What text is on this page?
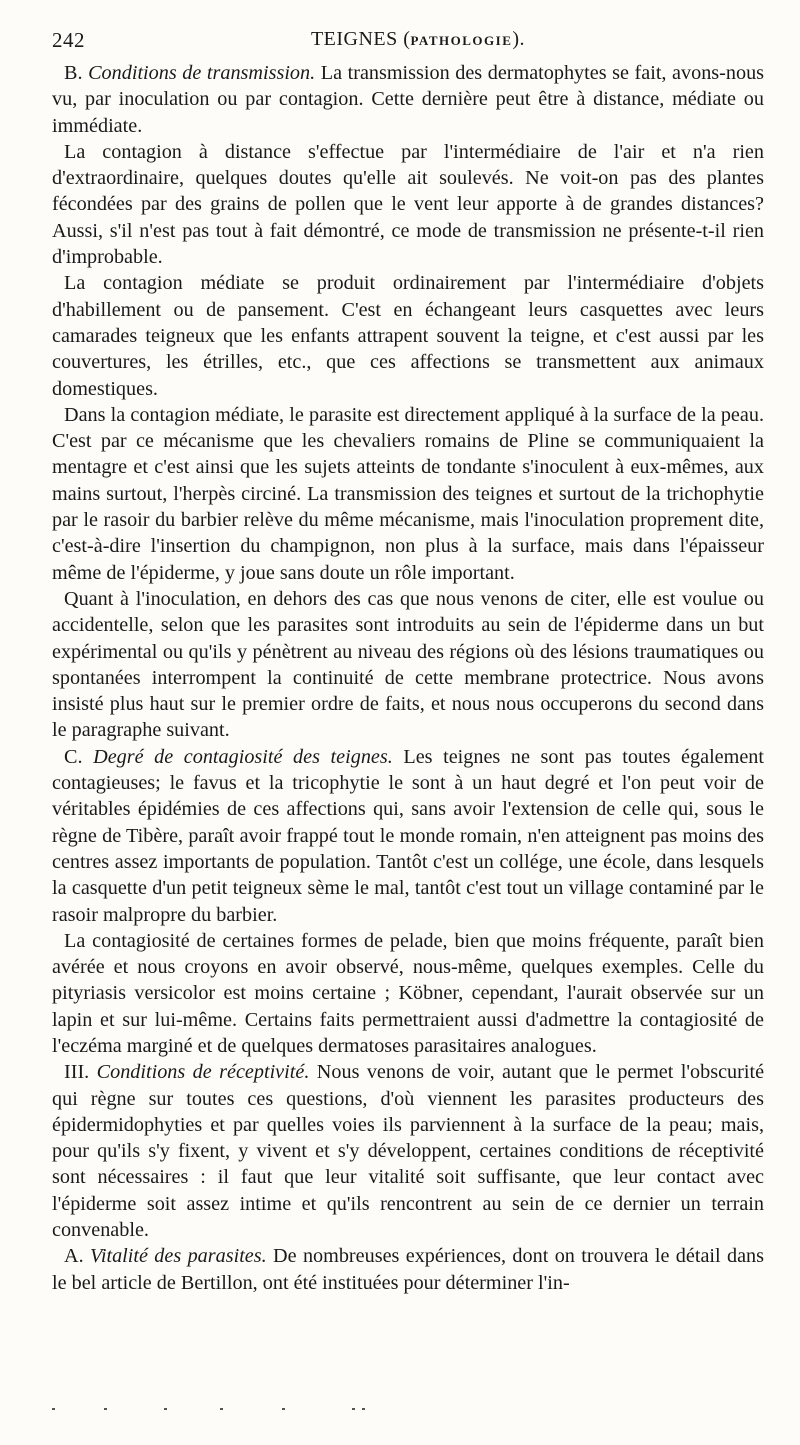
242	TEIGNES (PATHOLOGIE).

B. Conditions de transmission. La transmission des dermatophytes se fait, avons-nous vu, par inoculation ou par contagion. Cette dernière peut être à distance, médiate ou immédiate.

La contagion à distance s'effectue par l'intermédiaire de l'air et n'a rien d'extraordinaire, quelques doutes qu'elle ait soulevés. Ne voit-on pas des plantes fécondées par des grains de pollen que le vent leur apporte à de grandes distances? Aussi, s'il n'est pas tout à fait démontré, ce mode de transmission ne présente-t-il rien d'improbable.

La contagion médiate se produit ordinairement par l'intermédiaire d'objets d'habillement ou de pansement. C'est en échangeant leurs casquettes avec leurs camarades teigneux que les enfants attrapent souvent la teigne, et c'est aussi par les couvertures, les étrilles, etc., que ces affections se transmettent aux animaux domestiques.

Dans la contagion médiate, le parasite est directement appliqué à la surface de la peau. C'est par ce mécanisme que les chevaliers romains de Pline se communiquaient la mentagre et c'est ainsi que les sujets atteints de tondante s'inoculent à eux-mêmes, aux mains surtout, l'herpès circiné. La transmission des teignes et surtout de la trichophytie par le rasoir du barbier relève du même mécanisme, mais l'inoculation proprement dite, c'est-à-dire l'insertion du champignon, non plus à la surface, mais dans l'épaisseur même de l'épiderme, y joue sans doute un rôle important.

Quant à l'inoculation, en dehors des cas que nous venons de citer, elle est voulue ou accidentelle, selon que les parasites sont introduits au sein de l'épiderme dans un but expérimental ou qu'ils y pénètrent au niveau des régions où des lésions traumatiques ou spontanées interrompent la continuité de cette membrane protectrice. Nous avons insisté plus haut sur le premier ordre de faits, et nous nous occuperons du second dans le paragraphe suivant.

C. Degré de contagiosité des teignes. Les teignes ne sont pas toutes également contagieuses; le favus et la tricophytie le sont à un haut degré et l'on peut voir de véritables épidémies de ces affections qui, sans avoir l'extension de celle qui, sous le règne de Tibère, paraît avoir frappé tout le monde romain, n'en atteignent pas moins des centres assez importants de population. Tantôt c'est un collége, une école, dans lesquels la casquette d'un petit teigneux sème le mal, tantôt c'est tout un village contaminé par le rasoir malpropre du barbier.

La contagiosité de certaines formes de pelade, bien que moins fréquente, paraît bien avérée et nous croyons en avoir observé, nous-même, quelques exemples. Celle du pityriasis versicolor est moins certaine ; Köbner, cependant, l'aurait observée sur un lapin et sur lui-même. Certains faits permettraient aussi d'admettre la contagiosité de l'eczéma marginé et de quelques dermatoses parasitaires analogues.

III. Conditions de réceptivité. Nous venons de voir, autant que le permet l'obscurité qui règne sur toutes ces questions, d'où viennent les parasites producteurs des épidermidophyties et par quelles voies ils parviennent à la surface de la peau; mais, pour qu'ils s'y fixent, y vivent et s'y développent, certaines conditions de réceptivité sont nécessaires : il faut que leur vitalité soit suffisante, que leur contact avec l'épiderme soit assez intime et qu'ils rencontrent au sein de ce dernier un terrain convenable.

A. Vitalité des parasites. De nombreuses expériences, dont on trouvera le détail dans le bel article de Bertillon, ont été instituées pour déterminer l'in-
